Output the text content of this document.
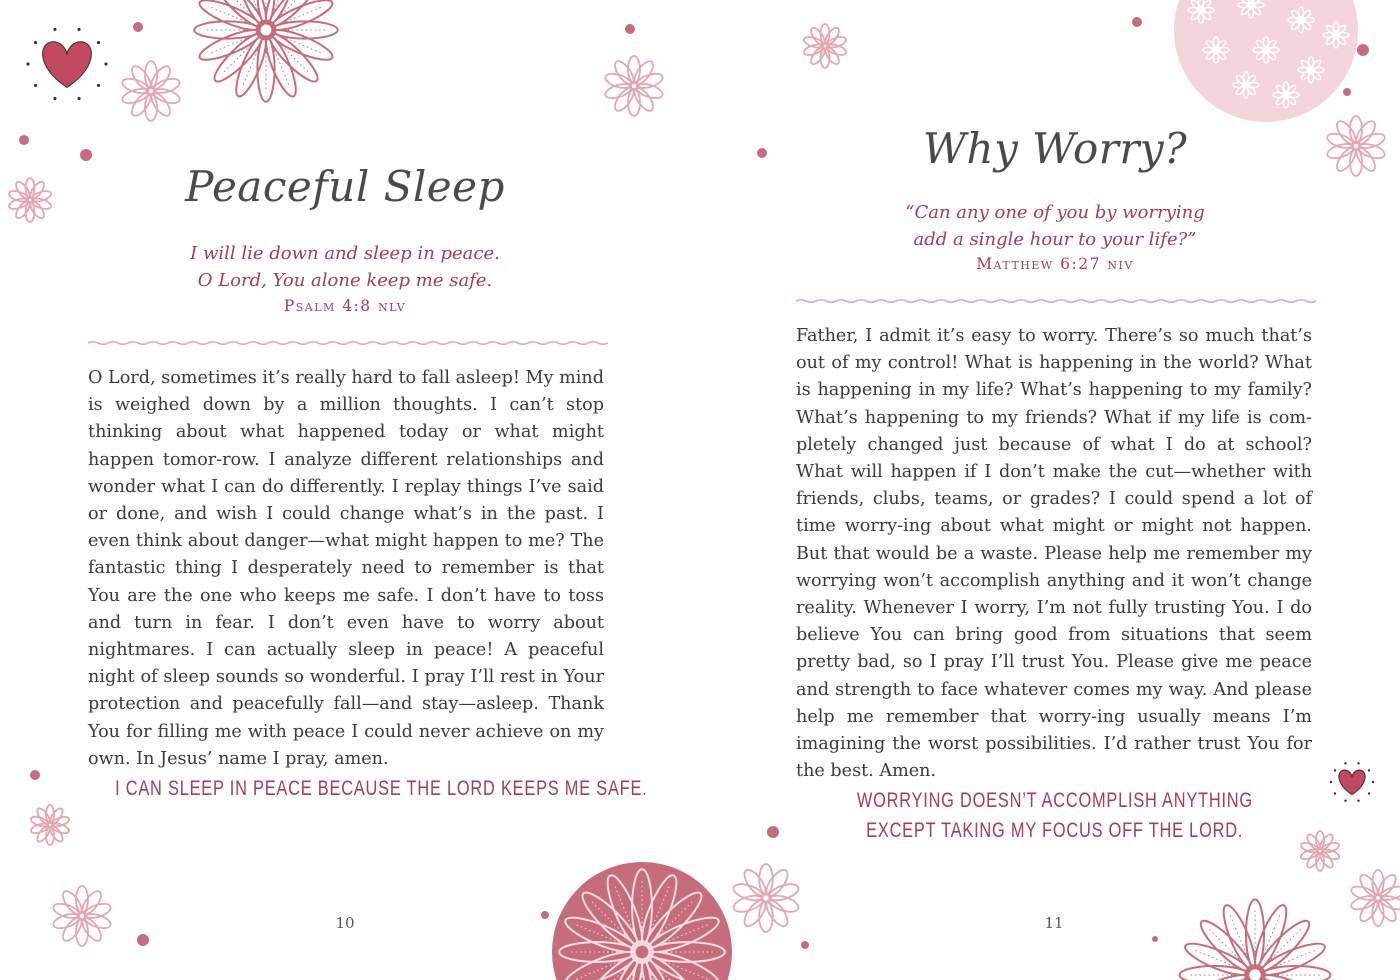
Peaceful Sleep

I will lie down and sleep in peace.

O Lord, You alone keep me safe.

Psalm 4:8 nlv

O Lord, sometimes it’s really hard to fall asleep! My mind is weighed down by a million thoughts. I can’t stop thinking about what happened today or what might happen tomor-row. I analyze different relationships and wonder what I can do differently. I replay things I’ve said or done, and wish I could change what’s in the past. I even think about danger—what might happen to me? The fantastic thing I desperately need to remember is that You are the one who keeps me safe. I don’t have to toss and turn in fear. I don’t even have to worry about nightmares. I can actually sleep in peace! A peaceful night of sleep sounds so wonderful. I pray I’ll rest in Your protection and peacefully fall—and stay—asleep. Thank You for filling me with peace I could never achieve on my own. In Jesus’ name I pray, amen.

I CAN SLEEP IN PEACE BECAUSE THE LORD KEEPS ME SAFE.

10
Why Worry?

“Can any one of you by worrying

add a single hour to your life?”

Matthew 6:27 niv

Father, I admit it’s easy to worry. There’s so much that’s out of my control! What is happening in the world? What is happening in my life? What’s happening to my family? What’s happening to my friends? What if my life is com-pletely changed just because of what I do at school? What will happen if I don’t make the cut—whether with friends, clubs, teams, or grades? I could spend a lot of time worry-ing about what might or might not happen. But that would be a waste. Please help me remember my worrying won’t accomplish anything and it won’t change reality. Whenever I worry, I’m not fully trusting You. I do believe You can bring good from situations that seem pretty bad, so I pray I’ll trust You. Please give me peace and strength to face whatever comes my way. And please help me remember that worry-ing usually means I’m imagining the worst possibilities. I’d rather trust You for the best. Amen.

WORRYING DOESN’T ACCOMPLISH ANYTHING

EXCEPT TAKING MY FOCUS OFF THE LORD.

11
